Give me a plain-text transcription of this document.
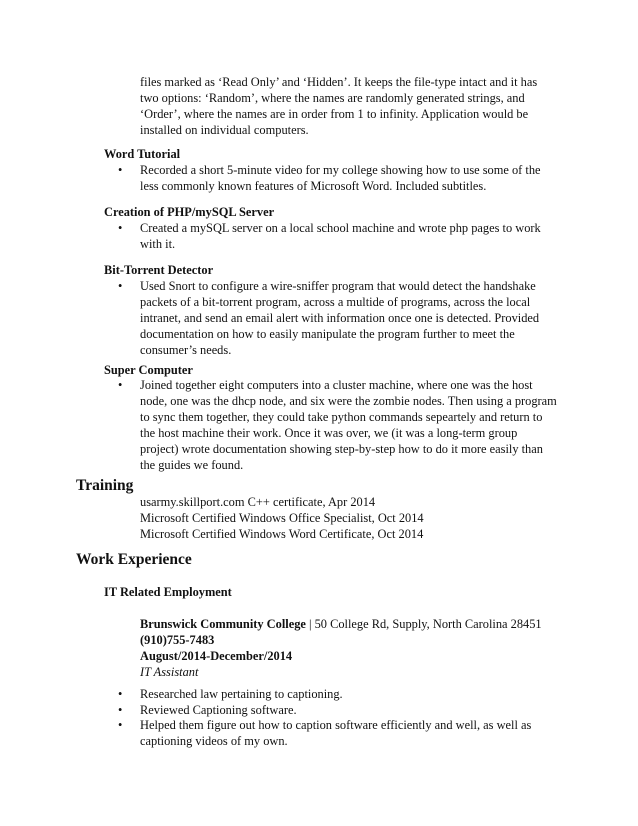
files marked as ‘Read Only’ and ‘Hidden’. It keeps the file-type intact and it has
two options: ‘Random’, where the names are randomly generated strings, and
‘Order’, where the names are in order from 1 to infinity. Application would be
installed on individual computers.
Word Tutorial
•	Recorded a short 5-minute video for my college showing how to use some of the
less commonly known features of Microsoft Word. Included subtitles.
Creation of PHP/mySQL Server
•	Created a mySQL server on a local school machine and wrote php pages to work
with it.
Bit-Torrent Detector
•	Used Snort to configure a wire-sniffer program that would detect the handshake
packets of a bit-torrent program, across a multide of programs, across the local
intranet, and send an email alert with information once one is detected. Provided
documentation on how to easily manipulate the program further to meet the
consumer’s needs.
Super Computer
•	Joined together eight computers into a cluster machine, where one was the host
node, one was the dhcp node, and six were the zombie nodes. Then using a program
to sync them together, they could take python commands sepeartely and return to
the host machine their work. Once it was over, we (it was a long-term group
project) wrote documentation showing step-by-step how to do it more easily than
the guides we found.
Training
usarmy.skillport.com C++ certificate, Apr 2014
Microsoft Certified Windows Office Specialist, Oct 2014
Microsoft Certified Windows Word Certificate, Oct 2014
Work Experience
IT Related Employment
Brunswick Community College | 50 College Rd, Supply, North Carolina 28451
(910)755-7483
August/2014-December/2014
IT Assistant
•	Researched law pertaining to captioning.
•	Reviewed Captioning software.
•	Helped them figure out how to caption software efficiently and well, as well as
captioning videos of my own.
